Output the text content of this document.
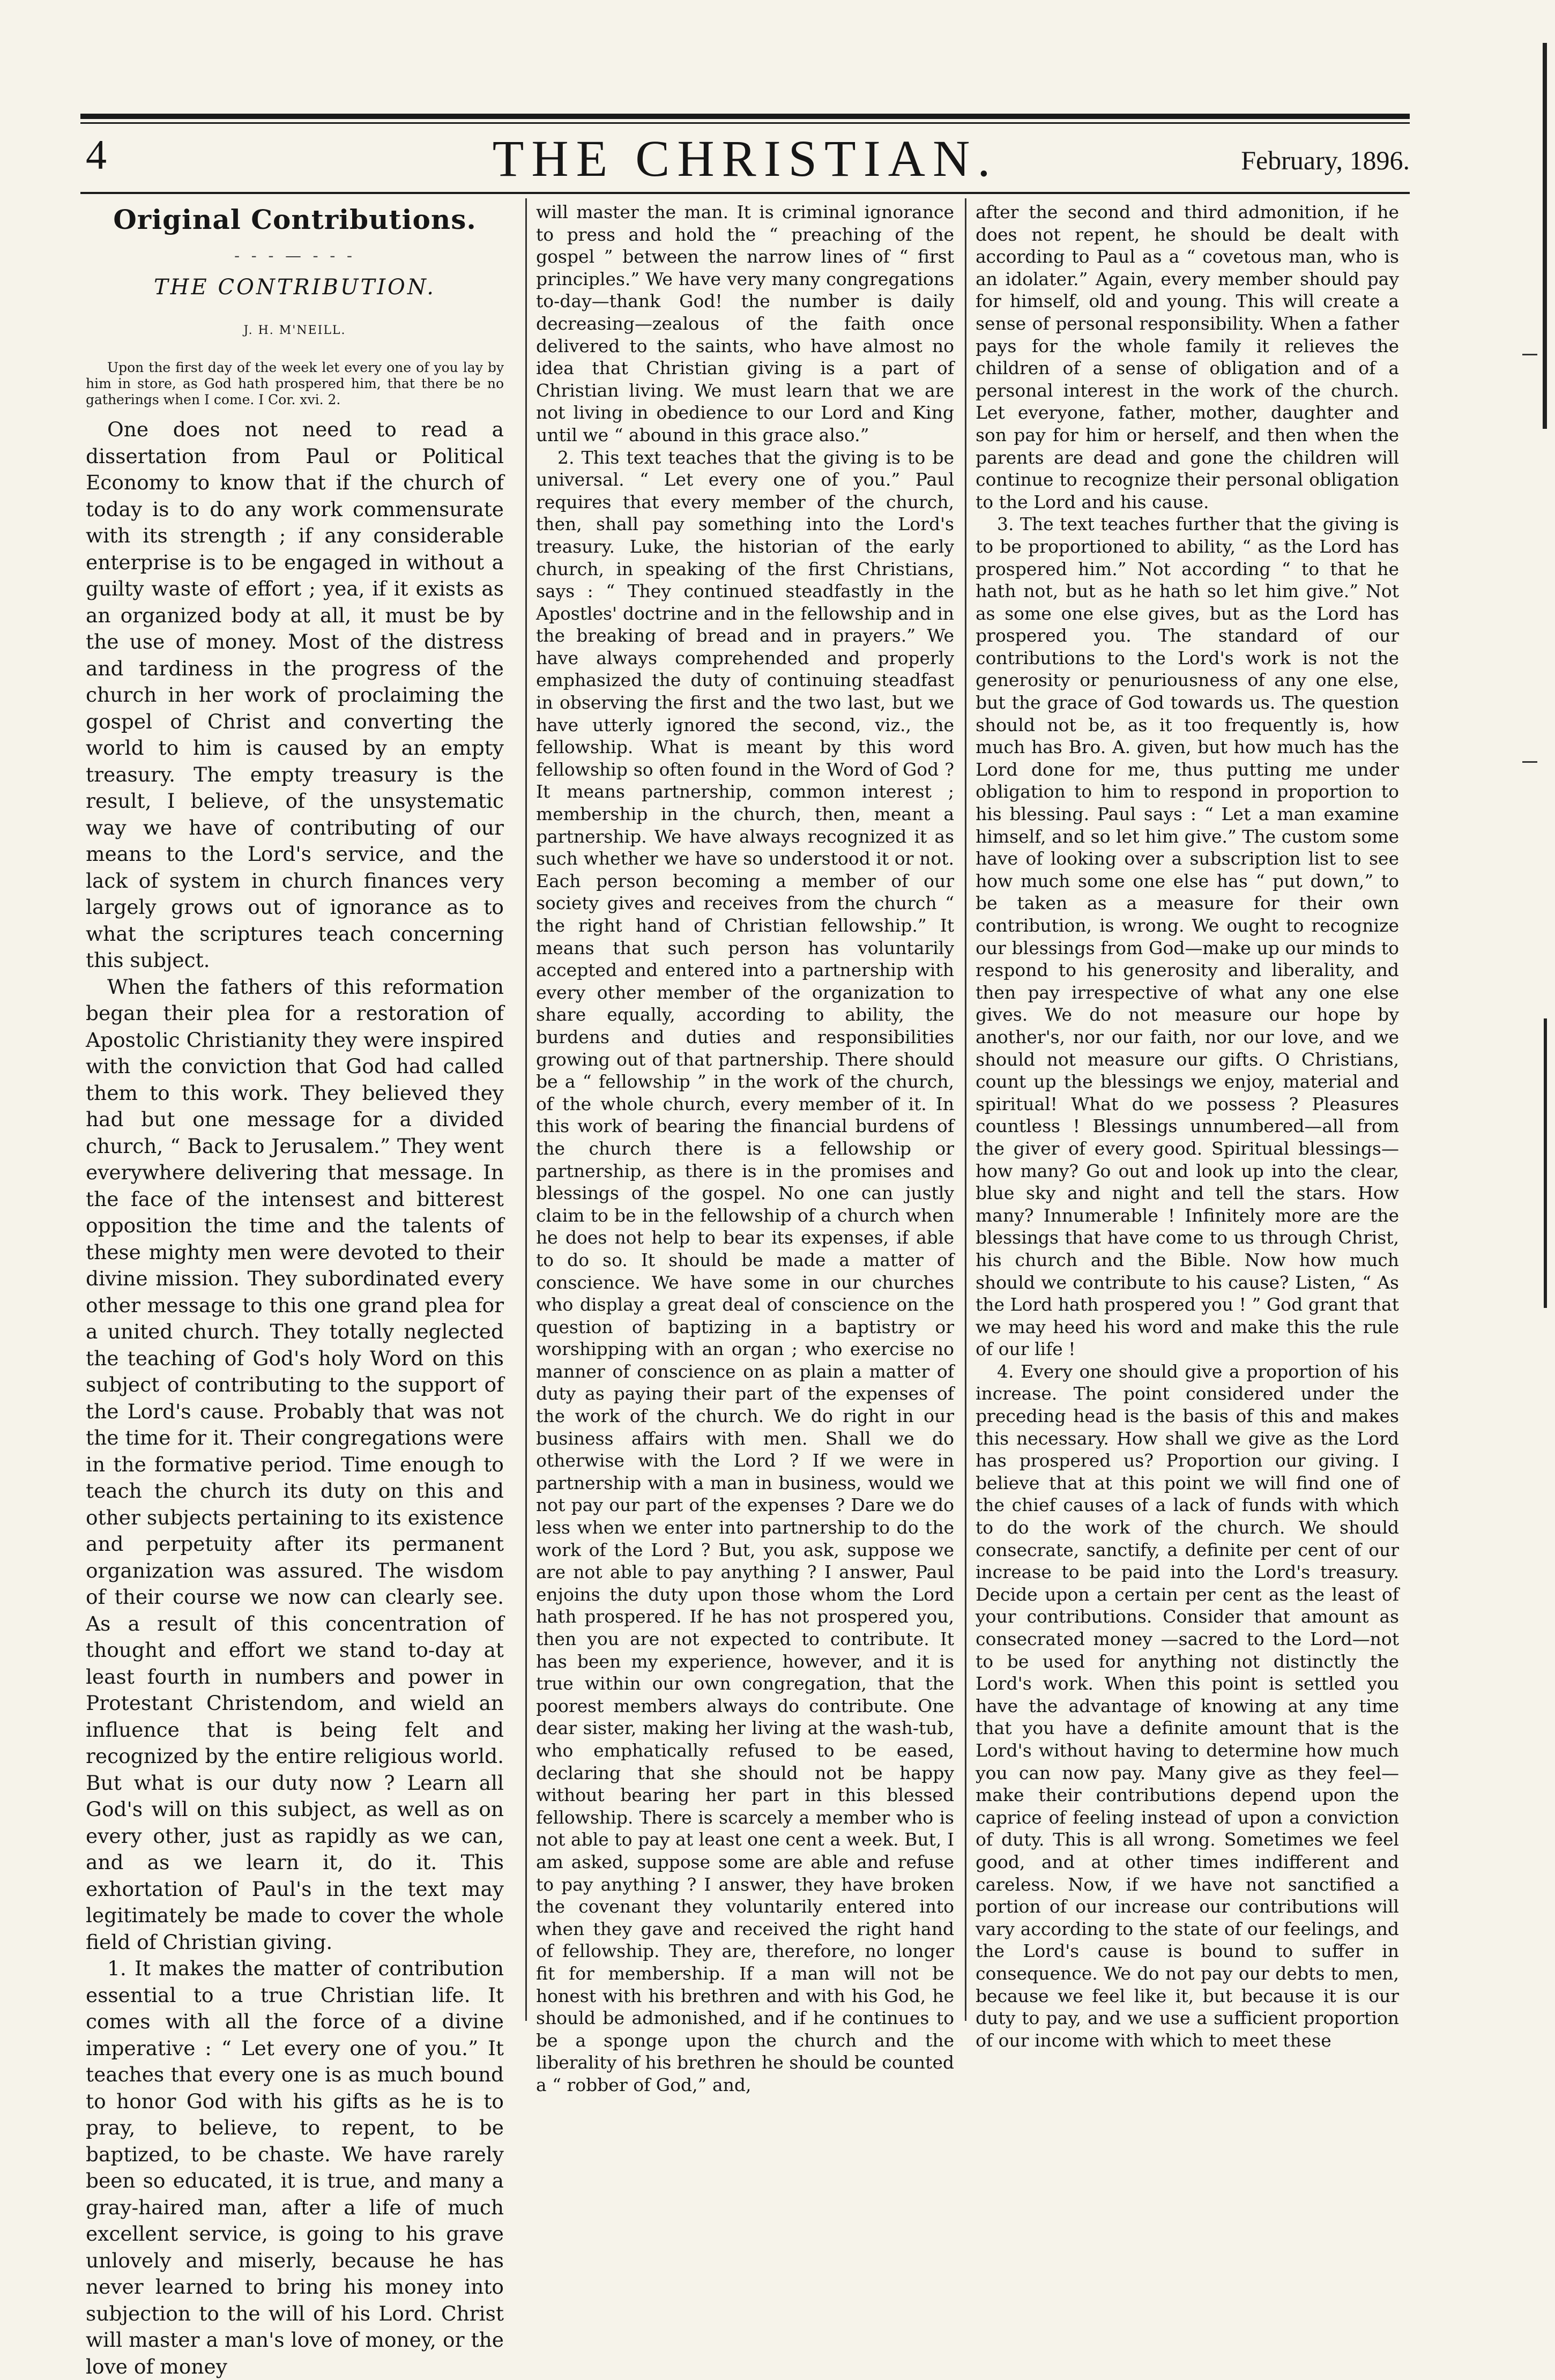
4	THE CHRISTIAN.	February, 1896.
Original Contributions.
- - - — - - -
THE CONTRIBUTION.
J. H. M'NEILL.
Upon the first day of the week let every one of you lay by him in store, as God hath prospered him, that there be no gatherings when I come. I Cor. xvi. 2.

One does not need to read a dissertation from Paul or Political Economy to know that if the church of today is to do any work commensurate with its strength ; if any considerable enterprise is to be engaged in without a guilty waste of effort ; yea, if it exists as an organized body at all, it must be by the use of money. Most of the distress and tardiness in the progress of the church in her work of proclaiming the gospel of Christ and converting the world to him is caused by an empty treasury. The empty treasury is the result, I believe, of the unsystematic way we have of contributing of our means to the Lord's service, and the lack of system in church finances very largely grows out of ignorance as to what the scriptures teach concerning this subject.

When the fathers of this reformation began their plea for a restoration of Apostolic Christianity they were inspired with the conviction that God had called them to this work. They believed they had but one message for a divided church, “ Back to Jerusalem.” They went everywhere delivering that message. In the face of the intensest and bitterest opposition the time and the talents of these mighty men were devoted to their divine mission. They subordinated every other message to this one grand plea for a united church. They totally neglected the teaching of God's holy Word on this subject of contributing to the support of the Lord's cause. Probably that was not the time for it. Their congregations were in the formative period. Time enough to teach the church its duty on this and other subjects pertaining to its existence and perpetuity after its permanent organization was assured. The wisdom of their course we now can clearly see. As a result of this concentration of thought and effort we stand to-day at least fourth in numbers and power in Protestant Christendom, and wield an influence that is being felt and recognized by the entire religious world. But what is our duty now ? Learn all God's will on this subject, as well as on every other, just as rapidly as we can, and as we learn it, do it. This exhortation of Paul's in the text may legitimately be made to cover the whole field of Christian giving.

1. It makes the matter of contribution essential to a true Christian life. It comes with all the force of a divine imperative : “ Let every one of you.” It teaches that every one is as much bound to honor God with his gifts as he is to pray, to believe, to repent, to be baptized, to be chaste. We have rarely been so educated, it is true, and many a gray-haired man, after a life of much excellent service, is going to his grave unlovely and miserly, because he has never learned to bring his money into subjection to the will of his Lord. Christ will master a man's love of money, or the love of money

will master the man. It is criminal ignorance to press and hold the “ preaching of the gospel ” between the narrow lines of “ first principles.” We have very many congregations to-day—thank God! the number is daily decreasing—zealous of the faith once delivered to the saints, who have almost no idea that Christian giving is a part of Christian living. We must learn that we are not living in obedience to our Lord and King until we “ abound in this grace also.”

2. This text teaches that the giving is to be universal. “ Let every one of you.” Paul requires that every member of the church, then, shall pay something into the Lord's treasury. Luke, the historian of the early church, in speaking of the first Christians, says : “ They continued steadfastly in the Apostles' doctrine and in the fellowship and in the breaking of bread and in prayers.” We have always comprehended and properly emphasized the duty of continuing steadfast in observing the first and the two last, but we have utterly ignored the second, viz., the fellowship. What is meant by this word fellowship so often found in the Word of God ? It means partnership, common interest ; membership in the church, then, meant a partnership. We have always recognized it as such whether we have so understood it or not. Each person becoming a member of our society gives and receives from the church “ the right hand of Christian fellowship.” It means that such person has voluntarily accepted and entered into a partnership with every other member of the organization to share equally, according to ability, the burdens and duties and responsibilities growing out of that partnership. There should be a “ fellowship ” in the work of the church, of the whole church, every member of it. In this work of bearing the financial burdens of the church there is a fellowship or partnership, as there is in the promises and blessings of the gospel. No one can justly claim to be in the fellowship of a church when he does not help to bear its expenses, if able to do so. It should be made a matter of conscience. We have some in our churches who display a great deal of conscience on the question of baptizing in a baptistry or worshipping with an organ ; who exercise no manner of conscience on as plain a matter of duty as paying their part of the expenses of the work of the church. We do right in our business affairs with men. Shall we do otherwise with the Lord ? If we were in partnership with a man in business, would we not pay our part of the expenses ? Dare we do less when we enter into partnership to do the work of the Lord ? But, you ask, suppose we are not able to pay anything ? I answer, Paul enjoins the duty upon those whom the Lord hath prospered. If he has not prospered you, then you are not expected to contribute. It has been my experience, however, and it is true within our own congregation, that the poorest members always do contribute. One dear sister, making her living at the wash-tub, who emphatically refused to be eased, declaring that she should not be happy without bearing her part in this blessed fellowship. There is scarcely a member who is not able to pay at least one cent a week. But, I am asked, suppose some are able and refuse to pay anything ? I answer, they have broken the covenant they voluntarily entered into when they gave and received the right hand of fellowship. They are, therefore, no longer fit for membership. If a man will not be honest with his brethren and with his God, he should be admonished, and if he continues to be a sponge upon the church and the liberality of his brethren he should be counted a “ robber of God,” and,

after the second and third admonition, if he does not repent, he should be dealt with according to Paul as a “ covetous man, who is an idolater.” Again, every member should pay for himself, old and young. This will create a sense of personal responsibility. When a father pays for the whole family it relieves the children of a sense of obligation and of a personal interest in the work of the church. Let everyone, father, mother, daughter and son pay for him or herself, and then when the parents are dead and gone the children will continue to recognize their personal obligation to the Lord and his cause.

3. The text teaches further that the giving is to be proportioned to ability, “ as the Lord has prospered him.” Not according “ to that he hath not, but as he hath so let him give.” Not as some one else gives, but as the Lord has prospered you. The standard of our contributions to the Lord's work is not the generosity or penuriousness of any one else, but the grace of God towards us. The question should not be, as it too frequently is, how much has Bro. A. given, but how much has the Lord done for me, thus putting me under obligation to him to respond in proportion to his blessing. Paul says : “ Let a man examine himself, and so let him give.” The custom some have of looking over a subscription list to see how much some one else has “ put down,” to be taken as a measure for their own contribution, is wrong. We ought to recognize our blessings from God—make up our minds to respond to his generosity and liberality, and then pay irrespective of what any one else gives. We do not measure our hope by another's, nor our faith, nor our love, and we should not measure our gifts. O Christians, count up the blessings we enjoy, material and spiritual! What do we possess ? Pleasures countless ! Blessings unnumbered—all from the giver of every good. Spiritual blessings—how many? Go out and look up into the clear, blue sky and night and tell the stars. How many? Innumerable ! Infinitely more are the blessings that have come to us through Christ, his church and the Bible. Now how much should we contribute to his cause? Listen, “ As the Lord hath prospered you ! ” God grant that we may heed his word and make this the rule of our life !

4. Every one should give a proportion of his increase. The point considered under the preceding head is the basis of this and makes this necessary. How shall we give as the Lord has prospered us? Proportion our giving. I believe that at this point we will find one of the chief causes of a lack of funds with which to do the work of the church. We should consecrate, sanctify, a definite per cent of our increase to be paid into the Lord's treasury. Decide upon a certain per cent as the least of your contributions. Consider that amount as consecrated money —sacred to the Lord—not to be used for anything not distinctly the Lord's work. When this point is settled you have the advantage of knowing at any time that you have a definite amount that is the Lord's without having to determine how much you can now pay. Many give as they feel—make their contributions depend upon the caprice of feeling instead of upon a conviction of duty. This is all wrong. Sometimes we feel good, and at other times indifferent and careless. Now, if we have not sanctified a portion of our increase our contributions will vary according to the state of our feelings, and the Lord's cause is bound to suffer in consequence. We do not pay our debts to men, because we feel like it, but because it is our duty to pay, and we use a sufficient proportion of our income with which to meet these
